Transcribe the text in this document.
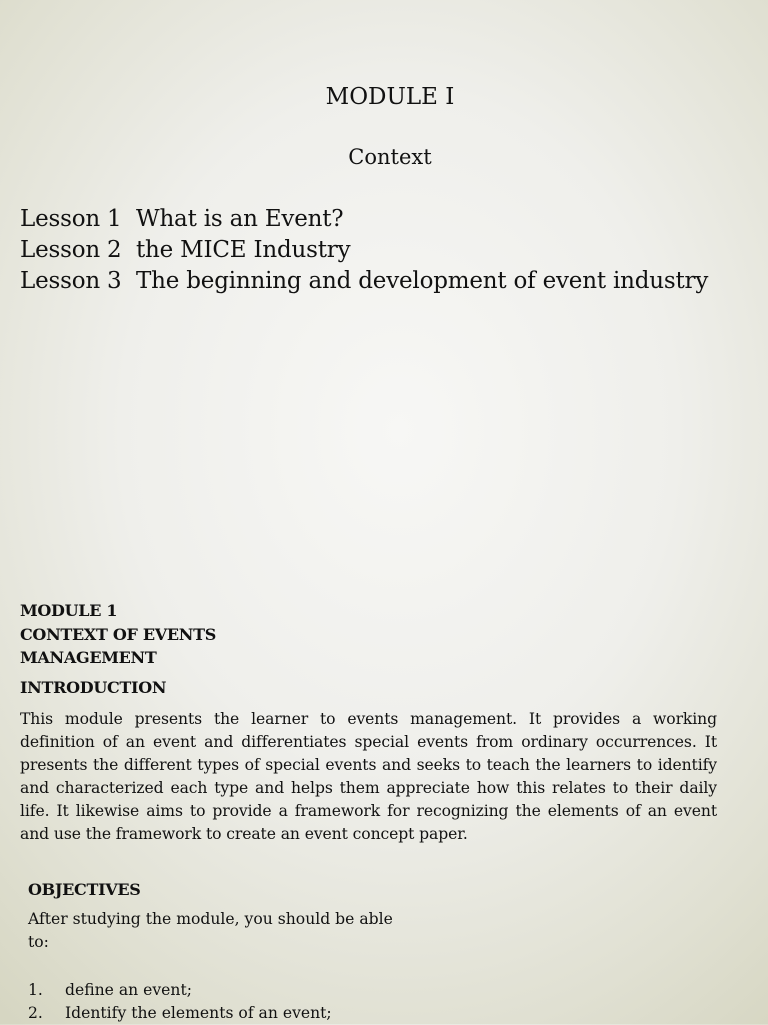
MODULE I
Context
Lesson 1 What is an Event?
Lesson 2 the MICE Industry
Lesson 3 The beginning and development of event industry
MODULE 1
CONTEXT OF EVENTS
MANAGEMENT
INTRODUCTION
This module presents the learner to events management. It provides a working definition of an event and differentiates special events from ordinary occurrences. It presents the different types of special events and seeks to teach the learners to identify and characterized each type and helps them appreciate how this relates to their daily life. It likewise aims to provide a framework for recognizing the elements of an event and use the framework to create an event concept paper.
OBJECTIVES
After studying the module, you should be able to:
1. define an event;
2. Identify the elements of an event;
